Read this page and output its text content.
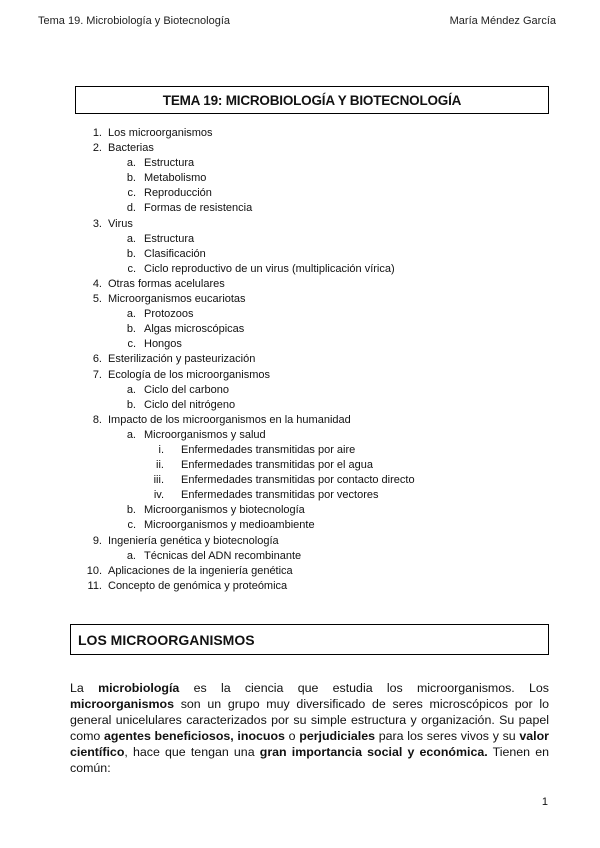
Tema 19. Microbiología y Biotecnología	María Méndez García
TEMA 19: MICROBIOLOGÍA Y BIOTECNOLOGÍA
1. Los microorganismos
2. Bacterias
a. Estructura
b. Metabolismo
c. Reproducción
d. Formas de resistencia
3. Virus
a. Estructura
b. Clasificación
c. Ciclo reproductivo de un virus (multiplicación vírica)
4. Otras formas acelulares
5. Microorganismos eucariotas
a. Protozoos
b. Algas microscópicas
c. Hongos
6. Esterilización y pasteurización
7. Ecología de los microorganismos
a. Ciclo del carbono
b. Ciclo del nitrógeno
8. Impacto de los microorganismos en la humanidad
a. Microorganismos y salud
i. Enfermedades transmitidas por aire
ii. Enfermedades transmitidas por el agua
iii. Enfermedades transmitidas por contacto directo
iv. Enfermedades transmitidas por vectores
b. Microorganismos y biotecnología
c. Microorganismos y medioambiente
9. Ingeniería genética y biotecnología
a. Técnicas del ADN recombinante
10. Aplicaciones de la ingeniería genética
11. Concepto de genómica y proteómica
LOS MICROORGANISMOS

La microbiología es la ciencia que estudia los microorganismos. Los microorganismos son un grupo muy diversificado de seres microscópicos por lo general unicelulares caracterizados por su simple estructura y organización. Su papel como agentes beneficiosos, inocuos o perjudiciales para los seres vivos y su valor científico, hace que tengan una gran importancia social y económica. Tienen en común:

1
